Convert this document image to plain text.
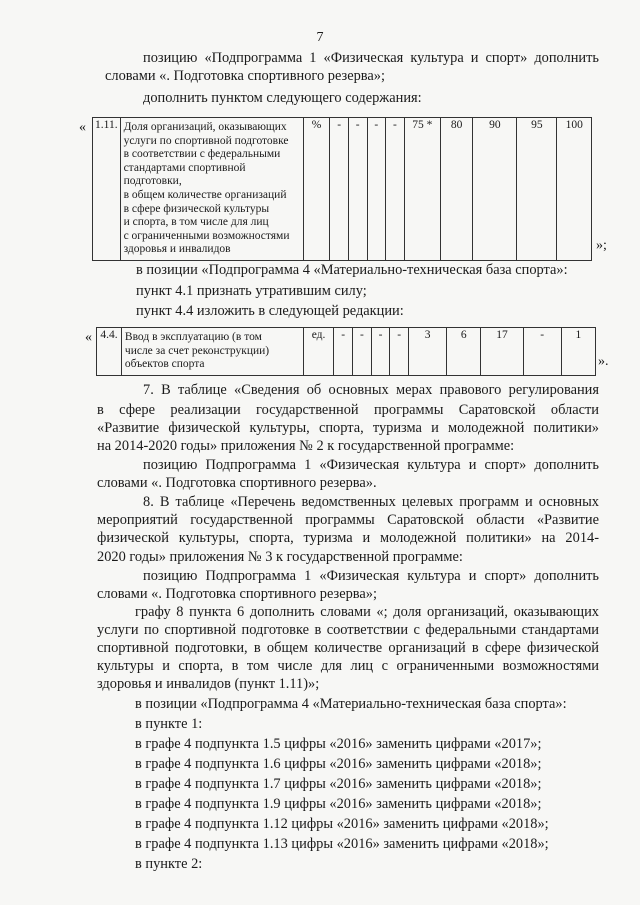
7
позицию «Подпрограмма 1 «Физическая культура и спорт» дополнить
словами «. Подготовка спортивного резерва»;
дополнить пунктом следующего содержания:
« 1.11.	Доля организаций, оказывающих
услуги по спортивной подготовке
в соответствии с федеральными
стандартами спортивной подготовки,
в общем количестве организаций
в сфере физической культуры
и спорта, в том числе для лиц
с ограниченными возможностями
здоровья и инвалидов
	%	-	-	-	-	75 *	80	90	95	100
»;
в позиции «Подпрограмма 4 «Материально-техническая база спорта»:
пункт 4.1 признать утратившим силу;
пункт 4.4 изложить в следующей редакции:
« 4.4.	Ввод в эксплуатацию (в том
числе за счет реконструкции)
объектов спорта
	ед.	-	-	-	-	3	6	17	-	1
».
7. В таблице «Сведения об основных мерах правового регулирования
в сфере реализации государственной программы Саратовской области
«Развитие физической культуры, спорта, туризма и молодежной политики»
на 2014-2020 годы» приложения № 2 к государственной программе:
позицию Подпрограмма 1 «Физическая культура и спорт» дополнить
словами «. Подготовка спортивного резерва».
8. В таблице «Перечень ведомственных целевых программ и основных
мероприятий государственной программы Саратовской области «Развитие
физической культуры, спорта, туризма и молодежной политики» на 2014-
2020 годы» приложения № 3 к государственной программе:
позицию Подпрограмма 1 «Физическая культура и спорт» дополнить
словами «. Подготовка спортивного резерва»;
графу 8 пункта 6 дополнить словами «; доля организаций, оказывающих
услуги по спортивной подготовке в соответствии с федеральными стандартами
спортивной подготовки, в общем количестве организаций в сфере физической
культуры и спорта, в том числе для лиц с ограниченными возможностями
здоровья и инвалидов (пункт 1.11)»;
в позиции «Подпрограмма 4 «Материально-техническая база спорта»:
в пункте 1:
в графе 4 подпункта 1.5 цифры «2016» заменить цифрами «2017»;
в графе 4 подпункта 1.6 цифры «2016» заменить цифрами «2018»;
в графе 4 подпункта 1.7 цифры «2016» заменить цифрами «2018»;
в графе 4 подпункта 1.9 цифры «2016» заменить цифрами «2018»;
в графе 4 подпункта 1.12 цифры «2016» заменить цифрами «2018»;
в графе 4 подпункта 1.13 цифры «2016» заменить цифрами «2018»;
в пункте 2:
